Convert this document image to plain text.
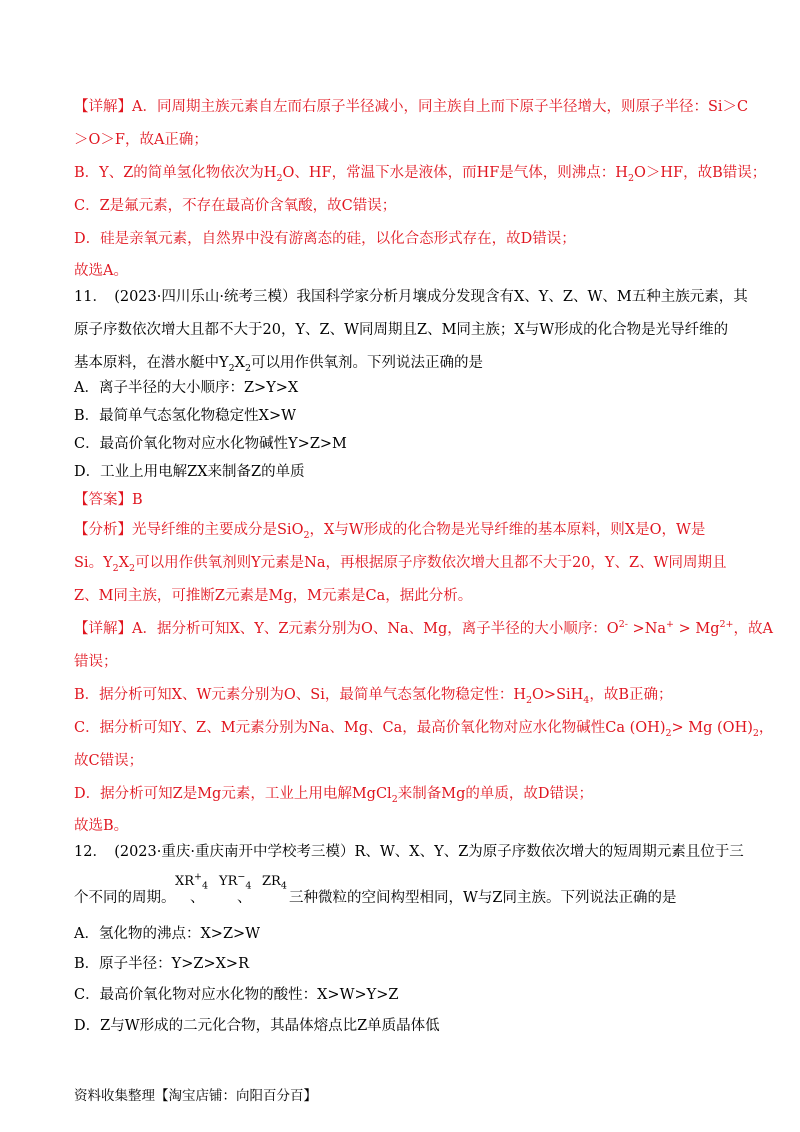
【详解】A．同周期主族元素自左而右原子半径减小，同主族自上而下原子半径增大，则原子半径：Si＞C
＞O＞F，故A正确；
B．Y、Z的简单氢化物依次为$H_2O$、HF，常温下水是液体，而HF是气体，则沸点：$H_2O>HF$，故B错误；
C．Z是氟元素，不存在最高价含氧酸，故C错误；
D．硅是亲氧元素，自然界中没有游离态的硅，以化合态形式存在，故D错误；
故选A。
11．　(2023·四川乐山·统考三模）我国科学家分析月壤成分发现含有X、Y、Z、W、M五种主族元素，其
原子序数依次增大且都不大于20，Y、Z、W同周期且Z、M同主族；X与W形成的化合物是光导纤维的
基本原料，在潜水艇中$Y_2X_2$可以用作供氧剂。下列说法正确的是
A．离子半径的大小顺序：Z>Y>X
B．最简单气态氢化物稳定性X>W
C．最高价氧化物对应水化物碱性Y>Z>M
D．工业上用电解ZX来制备Z的单质
【答案】B
【分析】光导纤维的主要成分是SiO$_2$，X与W形成的化合物是光导纤维的基本原料，则X是O，W是
Si。$Y_2X_2$可以用作供氧剂则Y元素是Na，再根据原子序数依次增大且都不大于20，Y、Z、W同周期且
Z、M同主族，可推断Z元素是Mg，M元素是Ca，据此分析。
【详解】A．据分析可知X、Y、Z元素分别为O、Na、Mg，离子半径的大小顺序：$O^{2-} >Na^+ > Mg^{2+}$，故A
错误；
B．据分析可知X、W元素分别为O、Si，最简单气态氢化物稳定性：$H_2O>SiH_4$，故B正确；
C．据分析可知Y、Z、M元素分别为Na、Mg、Ca，最高价氧化物对应水化物碱性Ca $(OH)_2> Mg$ $(OH)_2$，
故C错误；
D．据分析可知Z是Mg元素，工业上用电解MgCl$_2$来制备Mg的单质，故D错误；
故选B。
12．　(2023·重庆·重庆南开中学校考三模）R、W、X、Y、Z为原子序数依次增大的短周期元素且位于三
个不同的周期。
$XR^+_4$
、
$YR^-_4$
、
$ZR_4$
三种微粒的空间构型相同，W与Z同主族。下列说法正确的是
A．氢化物的沸点：X>Z>W
B．原子半径：Y>Z>X>R
C．最高价氧化物对应水化物的酸性：X>W>Y>Z
D．Z与W形成的二元化合物，其晶体熔点比Z单质晶体低
资料收集整理【淘宝店铺：向阳百分百】
